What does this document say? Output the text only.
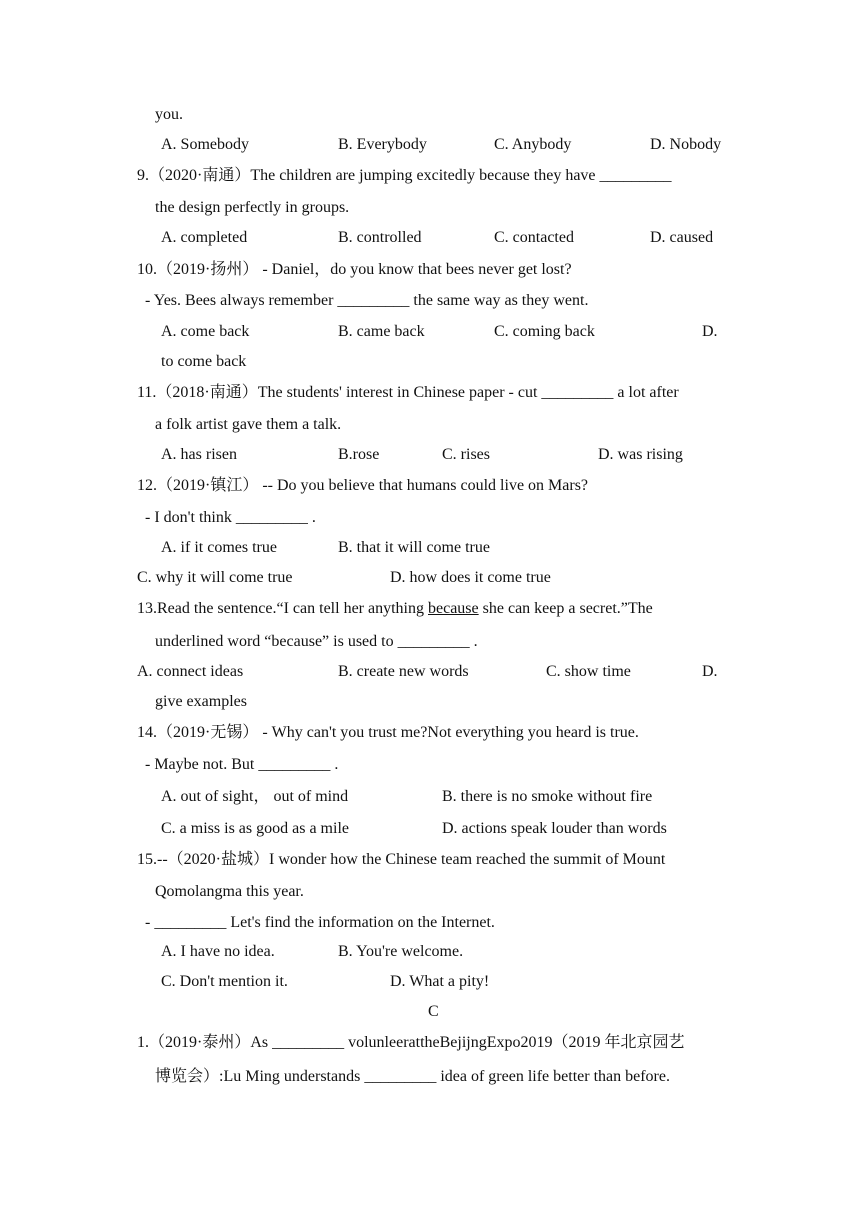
you.
A. Somebody	B. Everybody	C. Anybody	D. Nobody
9.（2020·南通）The children are jumping excitedly because they have _________
the design perfectly in groups.
A. completed	B. controlled	C. contacted	D. caused
10.（2019·扬州） - Daniel，do you know that bees never get lost?
- Yes. Bees always remember _________ the same way as they went.
A. come back	B. came back	C. coming back	D.
to come back
11.（2018·南通）The students' interest in Chinese paper - cut _________ a lot after
a folk artist gave them a talk.
A. has risen	B.rose	C. rises	D. was rising
12.（2019·镇江） -- Do you believe that humans could live on Mars?
- I don't think _________ .
A. if it comes true	B. that it will come true
C. why it will come true	D. how does it come true
13.Read the sentence.“I can tell her anything because she can keep a secret.”The
underlined word “because” is used to _________ .
A. connect ideas	B. create new words	C. show time	D.
give examples
14.（2019·无锡） - Why can't you trust me?Not everything you heard is true.
- Maybe not. But _________ .
A. out of sight， out of mind	B. there is no smoke without fire
C. a miss is as good as a mile	D. actions speak louder than words
15.--（2020·盐城）I wonder how the Chinese team reached the summit of Mount
Qomolangma this year.
- _________ Let's find the information on the Internet.
A. I have no idea.	B. You're welcome.
C. Don't mention it.	D. What a pity!
C
1.（2019·泰州）As _________ volunleerattheBejijngExpo2019（2019 年北京园艺
博览会）:Lu Ming understands _________ idea of green life better than before.
